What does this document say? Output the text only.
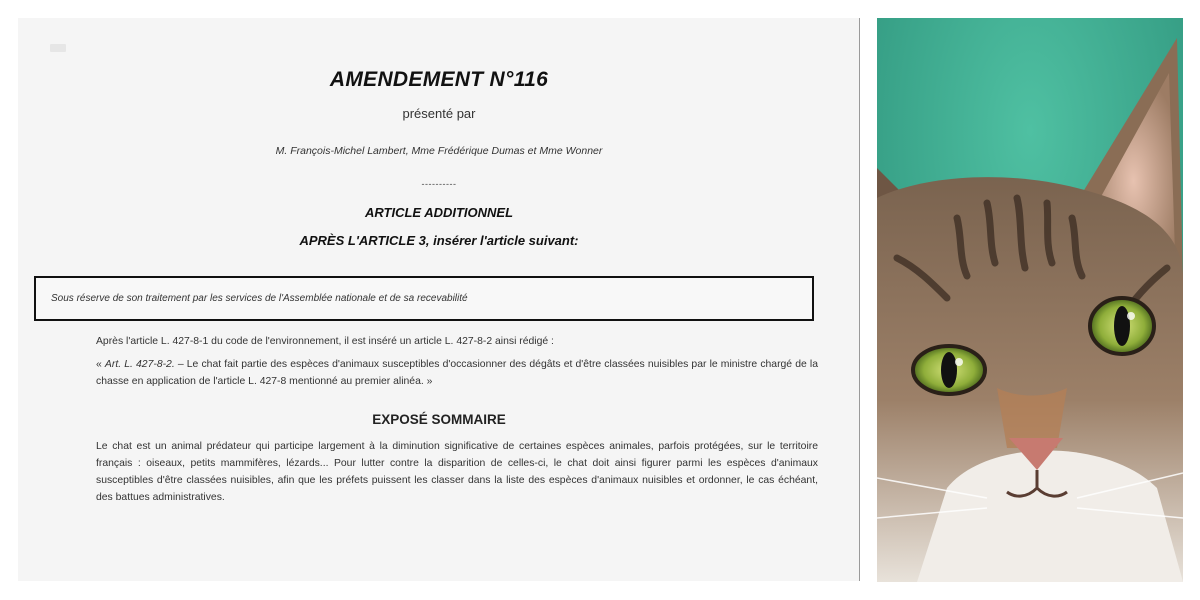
AMENDEMENT N°116
présenté par
M. François-Michel Lambert, Mme Frédérique Dumas et Mme Wonner
----------
ARTICLE ADDITIONNEL
APRÈS L'ARTICLE 3, insérer l'article suivant:
Sous réserve de son traitement par les services de l'Assemblée nationale et de sa recevabilité
Après l'article L. 427-8-1 du code de l'environnement, il est inséré un article L. 427-8-2 ainsi rédigé :
« Art. L. 427-8-2. – Le chat fait partie des espèces d'animaux susceptibles d'occasionner des dégâts et d'être classées nuisibles par le ministre chargé de la chasse en application de l'article L. 427-8 mentionné au premier alinéa. »
EXPOSÉ SOMMAIRE
Le chat est un animal prédateur qui participe largement à la diminution significative de certaines espèces animales, parfois protégées, sur le territoire français : oiseaux, petits mammifères, lézards... Pour lutter contre la disparition de celles-ci, le chat doit ainsi figurer parmi les espèces d'animaux susceptibles d'être classées nuisibles, afin que les préfets puissent les classer dans la liste des espèces d'animaux nuisibles et ordonner, le cas échéant, des battues administratives.
